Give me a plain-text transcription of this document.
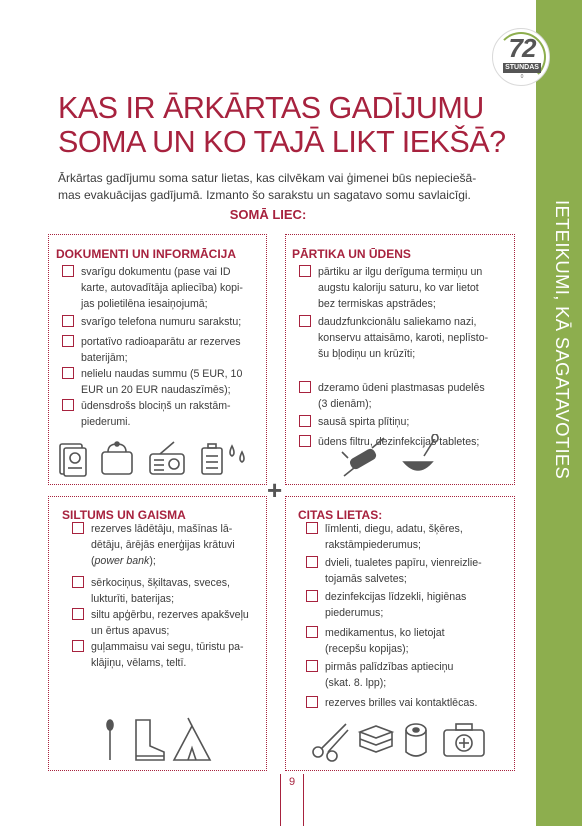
IETEIKUMI, KĀ SAGATAVOTIES
72
STUNDAS
0
KAS IR ĀRKĀRTAS GADĪJUMU
SOMA UN KO TAJĀ LIKT IEKŠĀ?
Ārkārtas gadījumu soma satur lietas, kas cilvēkam vai ģimenei būs nepieciešā-
mas evakuācijas gadījumā. Izmanto šo sarakstu un sagatavo somu savlaicīgi.
SOMĀ LIEC:
+
DOKUMENTI UN INFORMĀCIJA	PĀRTIKA UN ŪDENS
SILTUMS UN GAISMA	CITAS LIETAS:
svarīgu dokumentu (pase vai ID
karte, autovadītāja apliecība) kopi-
jas polietilēna iesaiņojumā;
svarīgo telefona numuru sarakstu;
portatīvo radioaparātu ar rezerves
baterijām;
nelielu naudas summu (5 EUR, 10
EUR un 20 EUR naudaszīmēs);
ūdensdrošs blociņš un rakstām-
piederumi.
pārtiku ar ilgu derīguma termiņu un
augstu kaloriju saturu, ko var lietot
bez termiskas apstrādes;
daudzfunkcionālu saliekamo nazi,
konservu attaisāmo, karoti, neplīsto-
šu bļodiņu un krūzīti;
dzeramo ūdeni plastmasas pudelēs
(3 dienām);
sausā spirta plītiņu;
ūdens filtru, dezinfekcijas tabletes;
rezerves lādētāju, mašīnas lā-
dētāju, ārējās enerģijas krātuvi
(power bank);
sērkociņus, šķiltavas, sveces,
lukturīti, baterijas;
siltu apģērbu, rezerves apakšveļu
un ērtus apavus;
guļammaisu vai segu, tūristu pa-
klājiņu, vēlams, teltī.
līmlenti, diegu, adatu, šķēres,
rakstāmpiederumus;
dvieli, tualetes papīru, vienreizlie-
tojamās salvetes;
dezinfekcijas līdzekli, higiēnas
piederumus;
medikamentus, ko lietojat
(recepšu kopijas);
pirmās palīdzības aptieciņu
(skat. 8. lpp);
rezerves brilles vai kontaktlēcas.
9
